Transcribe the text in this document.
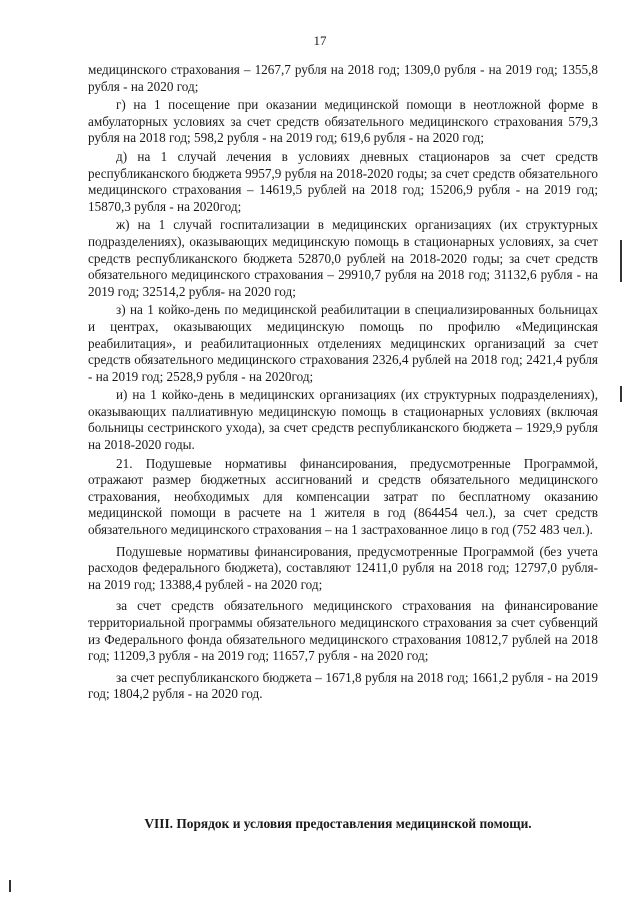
17

медицинского страхования – 1267,7 рубля на 2018 год; 1309,0 рубля - на 2019 год; 1355,8 рубля - на 2020 год;

г) на 1 посещение при оказании медицинской помощи в неотложной форме в амбулаторных условиях за счет средств обязательного медицинского страхования 579,3 рубля на 2018 год; 598,2 рубля - на 2019 год; 619,6 рубля - на 2020 год;

д) на 1 случай лечения в условиях дневных стационаров за счет средств республиканского бюджета 9957,9 рубля на 2018-2020 годы; за счет средств обязательного медицинского страхования – 14619,5 рублей на 2018 год; 15206,9 рубля - на 2019 год; 15870,3 рубля - на 2020год;

ж) на 1 случай госпитализации в медицинских организациях (их структурных подразделениях), оказывающих медицинскую помощь в стационарных условиях, за счет средств республиканского бюджета 52870,0 рублей на 2018-2020 годы; за счет средств обязательного медицинского страхования – 29910,7 рубля на 2018 год; 31132,6 рубля - на 2019 год; 32514,2 рубля- на 2020 год;

з) на 1 койко-день по медицинской реабилитации в специализированных больницах и центрах, оказывающих медицинскую помощь по профилю «Медицинская реабилитация», и реабилитационных отделениях медицинских организаций за счет средств обязательного медицинского страхования 2326,4 рублей на 2018 год; 2421,4 рубля - на 2019 год; 2528,9 рубля - на 2020год;

и) на 1 койко-день в медицинских организациях (их структурных подразделениях), оказывающих паллиативную медицинскую помощь в стационарных условиях (включая больницы сестринского ухода), за счет средств республиканского бюджета – 1929,9 рубля на 2018-2020 годы.

21. Подушевые нормативы финансирования, предусмотренные Программой, отражают размер бюджетных ассигнований и средств обязательного медицинского страхования, необходимых для компенсации затрат по бесплатному оказанию медицинской помощи в расчете на 1 жителя в год (864454 чел.), за счет средств обязательного медицинского страхования – на 1 застрахованное лицо в год (752 483 чел.).

Подушевые нормативы финансирования, предусмотренные Программой (без учета расходов федерального бюджета), составляют 12411,0 рубля на 2018 год; 12797,0 рубля- на 2019 год; 13388,4 рублей - на 2020 год;

за счет средств обязательного медицинского страхования на финансирование территориальной программы обязательного медицинского страхования за счет субвенций из Федерального фонда обязательного медицинского страхования 10812,7 рублей на 2018 год; 11209,3 рубля - на 2019 год; 11657,7 рубля - на 2020 год;

за счет республиканского бюджета – 1671,8 рубля на 2018 год; 1661,2 рубля - на 2019 год; 1804,2 рубля - на 2020 год.

VIII. Порядок и условия предоставления медицинской помощи.
